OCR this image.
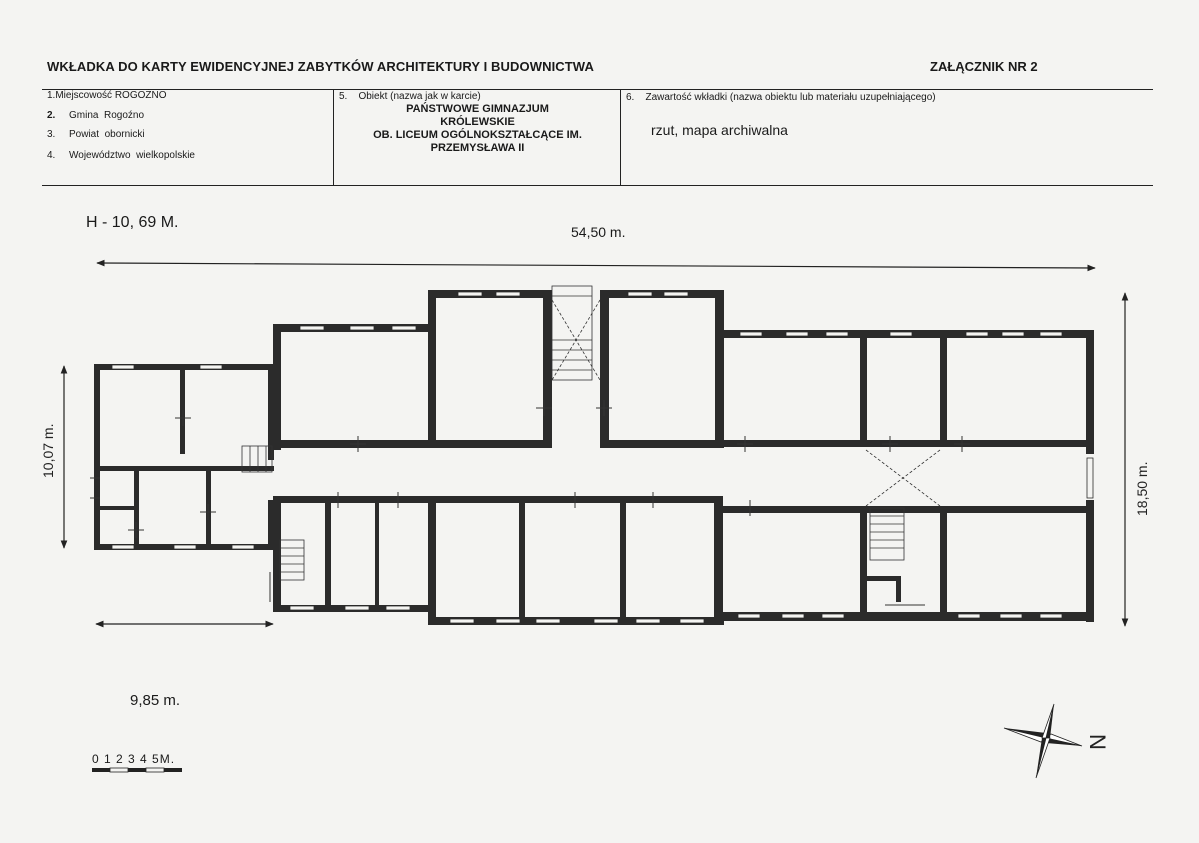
WKŁADKA DO KARTY EWIDENCYJNEJ ZABYTKÓW ARCHITEKTURY I BUDOWNICTWA	ZAŁĄCZNIK NR 2
1.Miejscowość ROGOŻNO
2. Gmina Rogoźno
3. Powiat obornicki
4. Województwo wielkopolskie
5. Obiekt (nazwa jak w karcie)
PAŃSTWOWE GIMNAZJUM
KRÓLEWSKIE
OB. LICEUM OGÓLNOKSZTAŁCĄCE IM.
PRZEMYSŁAWA II
6. Zawartość wkładki (nazwa obiektu lub materiału uzupełniającego)
rzut, mapa archiwalna
H - 10, 69 M.
54,50 m.
9,85 m.
10,07 m.
18,50 m.
N
0 1 2 3 4 5M.
